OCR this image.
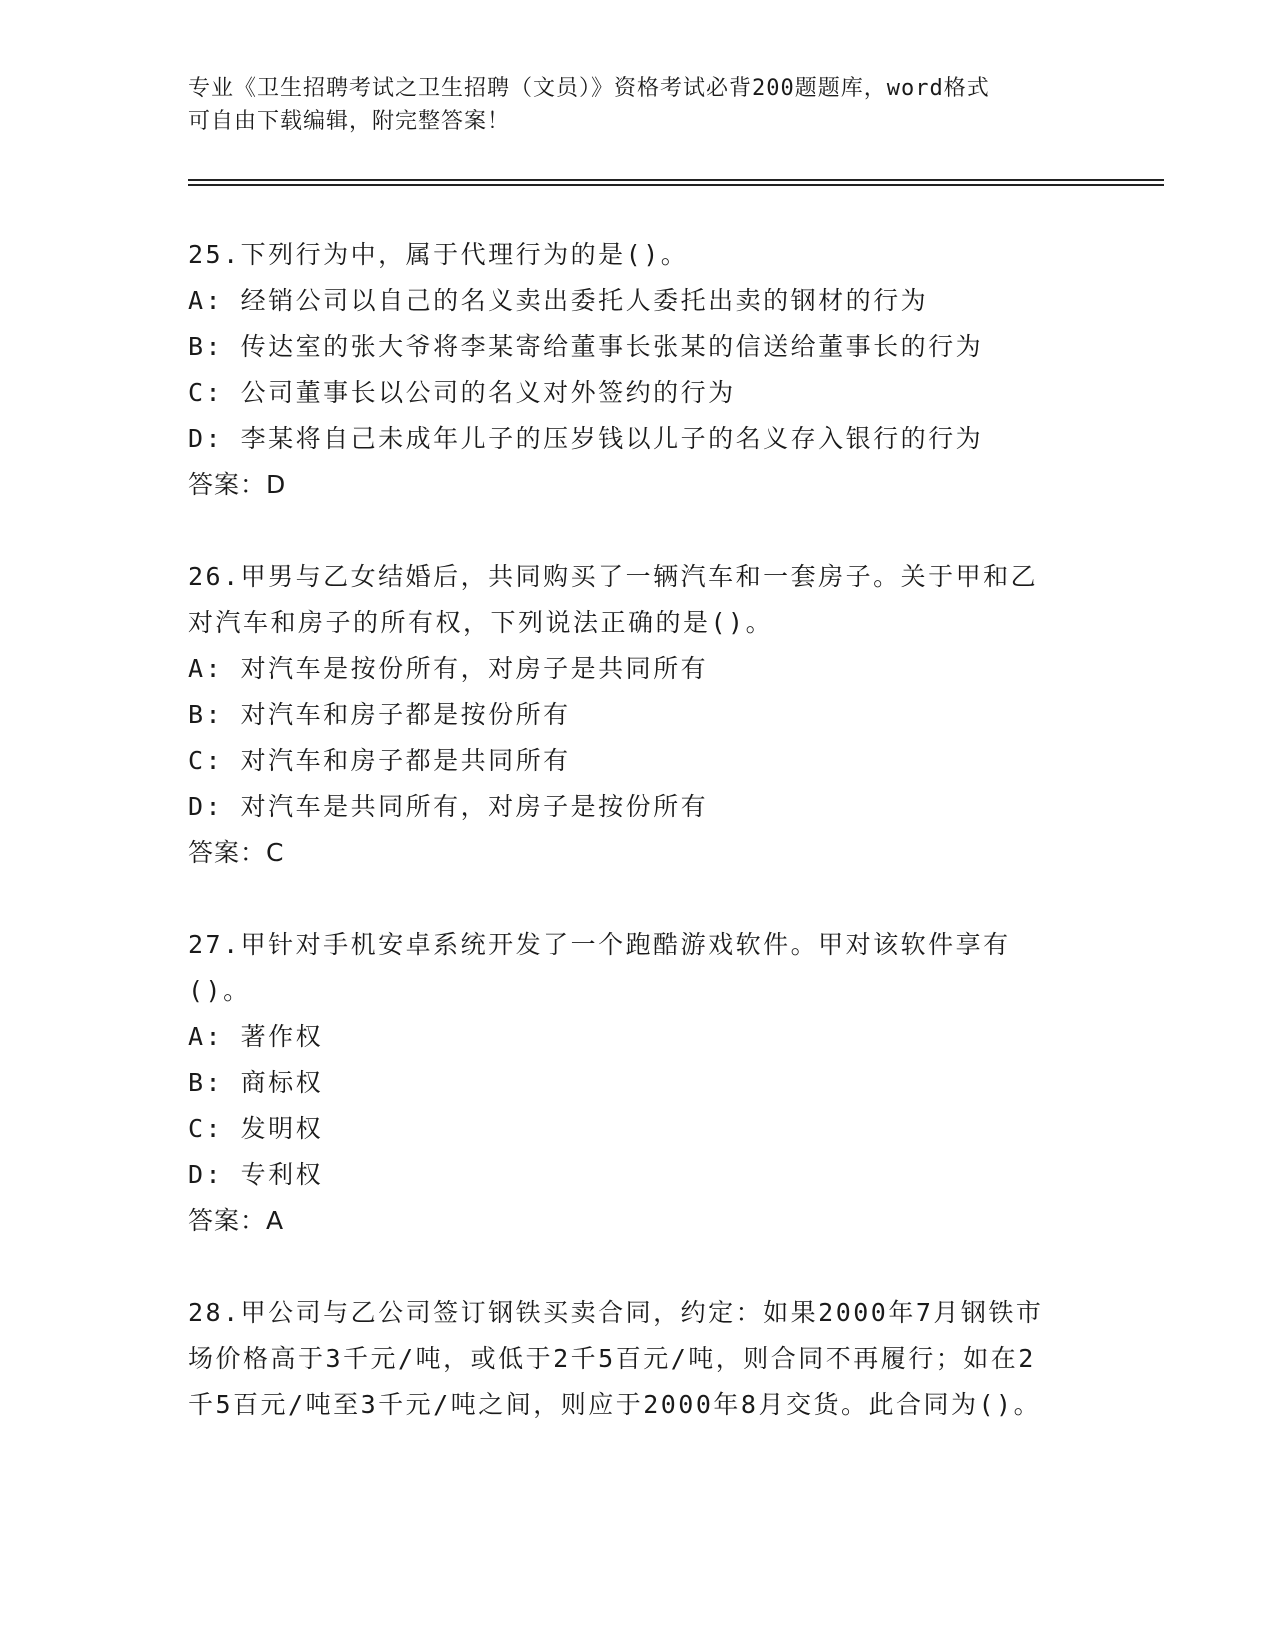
专业《卫生招聘考试之卫生招聘（文员）》资格考试必背200题题库，word格式
可自由下载编辑，附完整答案！
25.下列行为中，属于代理行为的是()。
A: 经销公司以自己的名义卖出委托人委托出卖的钢材的行为
B: 传达室的张大爷将李某寄给董事长张某的信送给董事长的行为
C: 公司董事长以公司的名义对外签约的行为
D: 李某将自己未成年儿子的压岁钱以儿子的名义存入银行的行为
答案：D
26.甲男与乙女结婚后，共同购买了一辆汽车和一套房子。关于甲和乙对汽车和房子的所有权，下列说法正确的是()。
A: 对汽车是按份所有，对房子是共同所有
B: 对汽车和房子都是按份所有
C: 对汽车和房子都是共同所有
D: 对汽车是共同所有，对房子是按份所有
答案：C
27.甲针对手机安卓系统开发了一个跑酷游戏软件。甲对该软件享有()。
A: 著作权
B: 商标权
C: 发明权
D: 专利权
答案：A
28.甲公司与乙公司签订钢铁买卖合同，约定：如果2000年7月钢铁市场价格高于3千元/吨，或低于2千5百元/吨，则合同不再履行；如在2千5百元/吨至3千元/吨之间，则应于2000年8月交货。此合同为()。
